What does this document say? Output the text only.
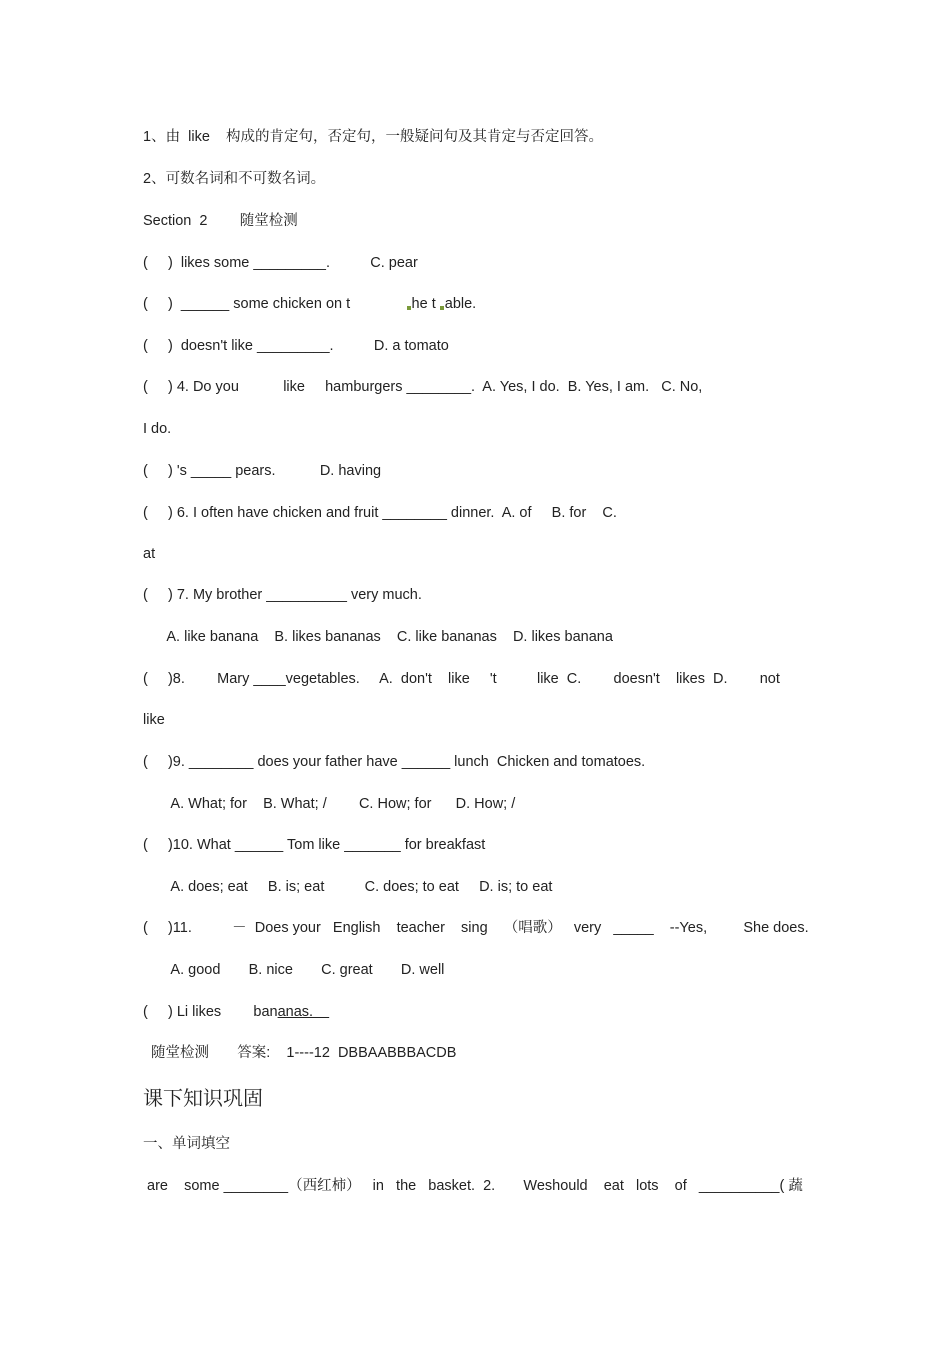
1、由  like    构成的肯定句，否定句，一般疑问句及其肯定与否定回答。
2、可数名词和不可数名词。
Section  2        随堂检测
(     )  likes some _________.          C. pear
(     )  ______ some chicken on t              he t able.
(     )  doesn't like _________.          D. a tomato
(     ) 4. Do you           like     hamburgers ________.  A. Yes, I do.  B. Yes, I am.   C. No,
I do.
(     ) 's _____ pears.           D. having
(     ) 6. I often have chicken and fruit ________ dinner.  A. of     B. for    C.
at
(     ) 7. My brother __________ very much.
A. like banana    B. likes bananas    C. like bananas    D. likes banana
(     )8.        Mary ____vegetables.     A.  don't    like     't          like  C.        doesn't    likes  D.        not
like
(     )9. ________ does your father have ______ lunch  Chicken and tomatoes.
A. What; for    B. What; /        C. How; for      D. How; /
(     )10. What ______ Tom like _______ for breakfast
A. does; eat     B. is; eat          C. does; to eat     D. is; to eat
(     )11.          －  Does your   English    teacher    sing    （唱歌）   very   _____    --Yes,         She does.
A. good       B. nice       C. great       D. well
(     ) Li likes        bananas.
随堂检测       答案:    1----12  DBBAABBBACDB
课下知识巩固
一、单词填空
are    some ________（西红柿）   in   the   basket.  2.       Weshould    eat   lots    of   __________( 蔬
